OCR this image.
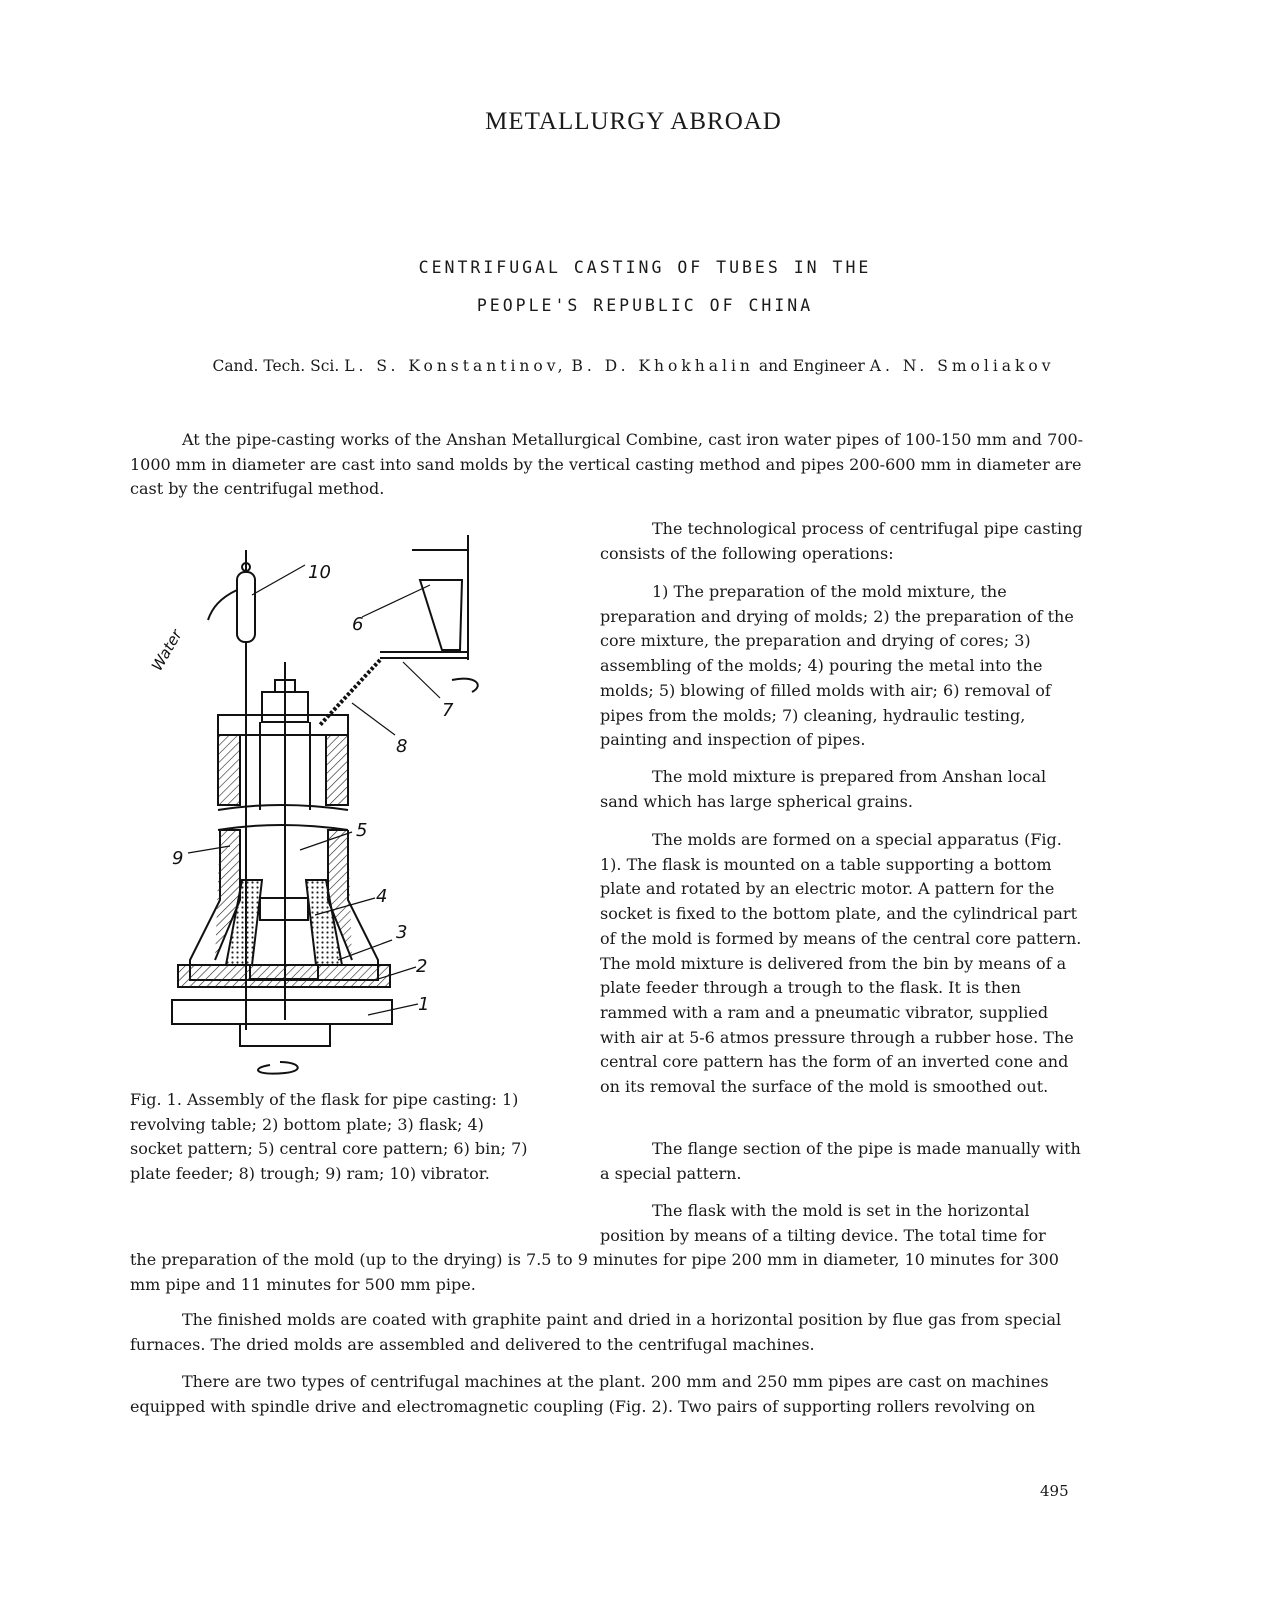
METALLURGY ABROAD
CENTRIFUGAL CASTING OF TUBES IN THE
PEOPLE'S REPUBLIC OF CHINA
Cand. Tech. Sci. L. S. Konstantinov, B. D. Khokhalin and Engineer A. N. Smoliakov

At the pipe-casting works of the Anshan Metallurgical Combine, cast iron water pipes of 100-150 mm and 700-1000 mm in diameter are cast into sand molds by the vertical casting method and pipes 200-600 mm in diameter are cast by the centrifugal method.

Water
10
6
7
8
5
9
4
3
2
1

Fig. 1. Assembly of the flask for pipe casting: 1) revolving table; 2) bottom plate; 3) flask; 4) socket pattern; 5) central core pattern; 6) bin; 7) plate feeder; 8) trough; 9) ram; 10) vibrator.

The technological process of centrifugal pipe casting consists of the following operations:

1) The preparation of the mold mixture, the preparation and drying of molds; 2) the preparation of the core mixture, the preparation and drying of cores; 3) assembling of the molds; 4) pouring the metal into the molds; 5) blowing of filled molds with air; 6) removal of pipes from the molds; 7) cleaning, hydraulic testing, painting and inspection of pipes.

The mold mixture is prepared from Anshan local sand which has large spherical grains.

The molds are formed on a special apparatus (Fig. 1). The flask is mounted on a table supporting a bottom plate and rotated by an electric motor. A pattern for the socket is fixed to the bottom plate, and the cylindrical part of the mold is formed by means of the central core pattern. The mold mixture is delivered from the bin by means of a plate feeder through a trough to the flask. It is then rammed with a ram and a pneumatic vibrator, supplied with air at 5-6 atmos pressure through a rubber hose. The central core pattern has the form of an inverted cone and on its removal the surface of the mold is smoothed out.

The flange section of the pipe is made manually with a special pattern.

The flask with the mold is set in the horizontal position by means of a tilting device. The total time for

the preparation of the mold (up to the drying) is 7.5 to 9 minutes for pipe 200 mm in diameter, 10 minutes for 300 mm pipe and 11 minutes for 500 mm pipe.

The finished molds are coated with graphite paint and dried in a horizontal position by flue gas from special furnaces. The dried molds are assembled and delivered to the centrifugal machines.

There are two types of centrifugal machines at the plant. 200 mm and 250 mm pipes are cast on machines equipped with spindle drive and electromagnetic coupling (Fig. 2). Two pairs of supporting rollers revolving on

495
